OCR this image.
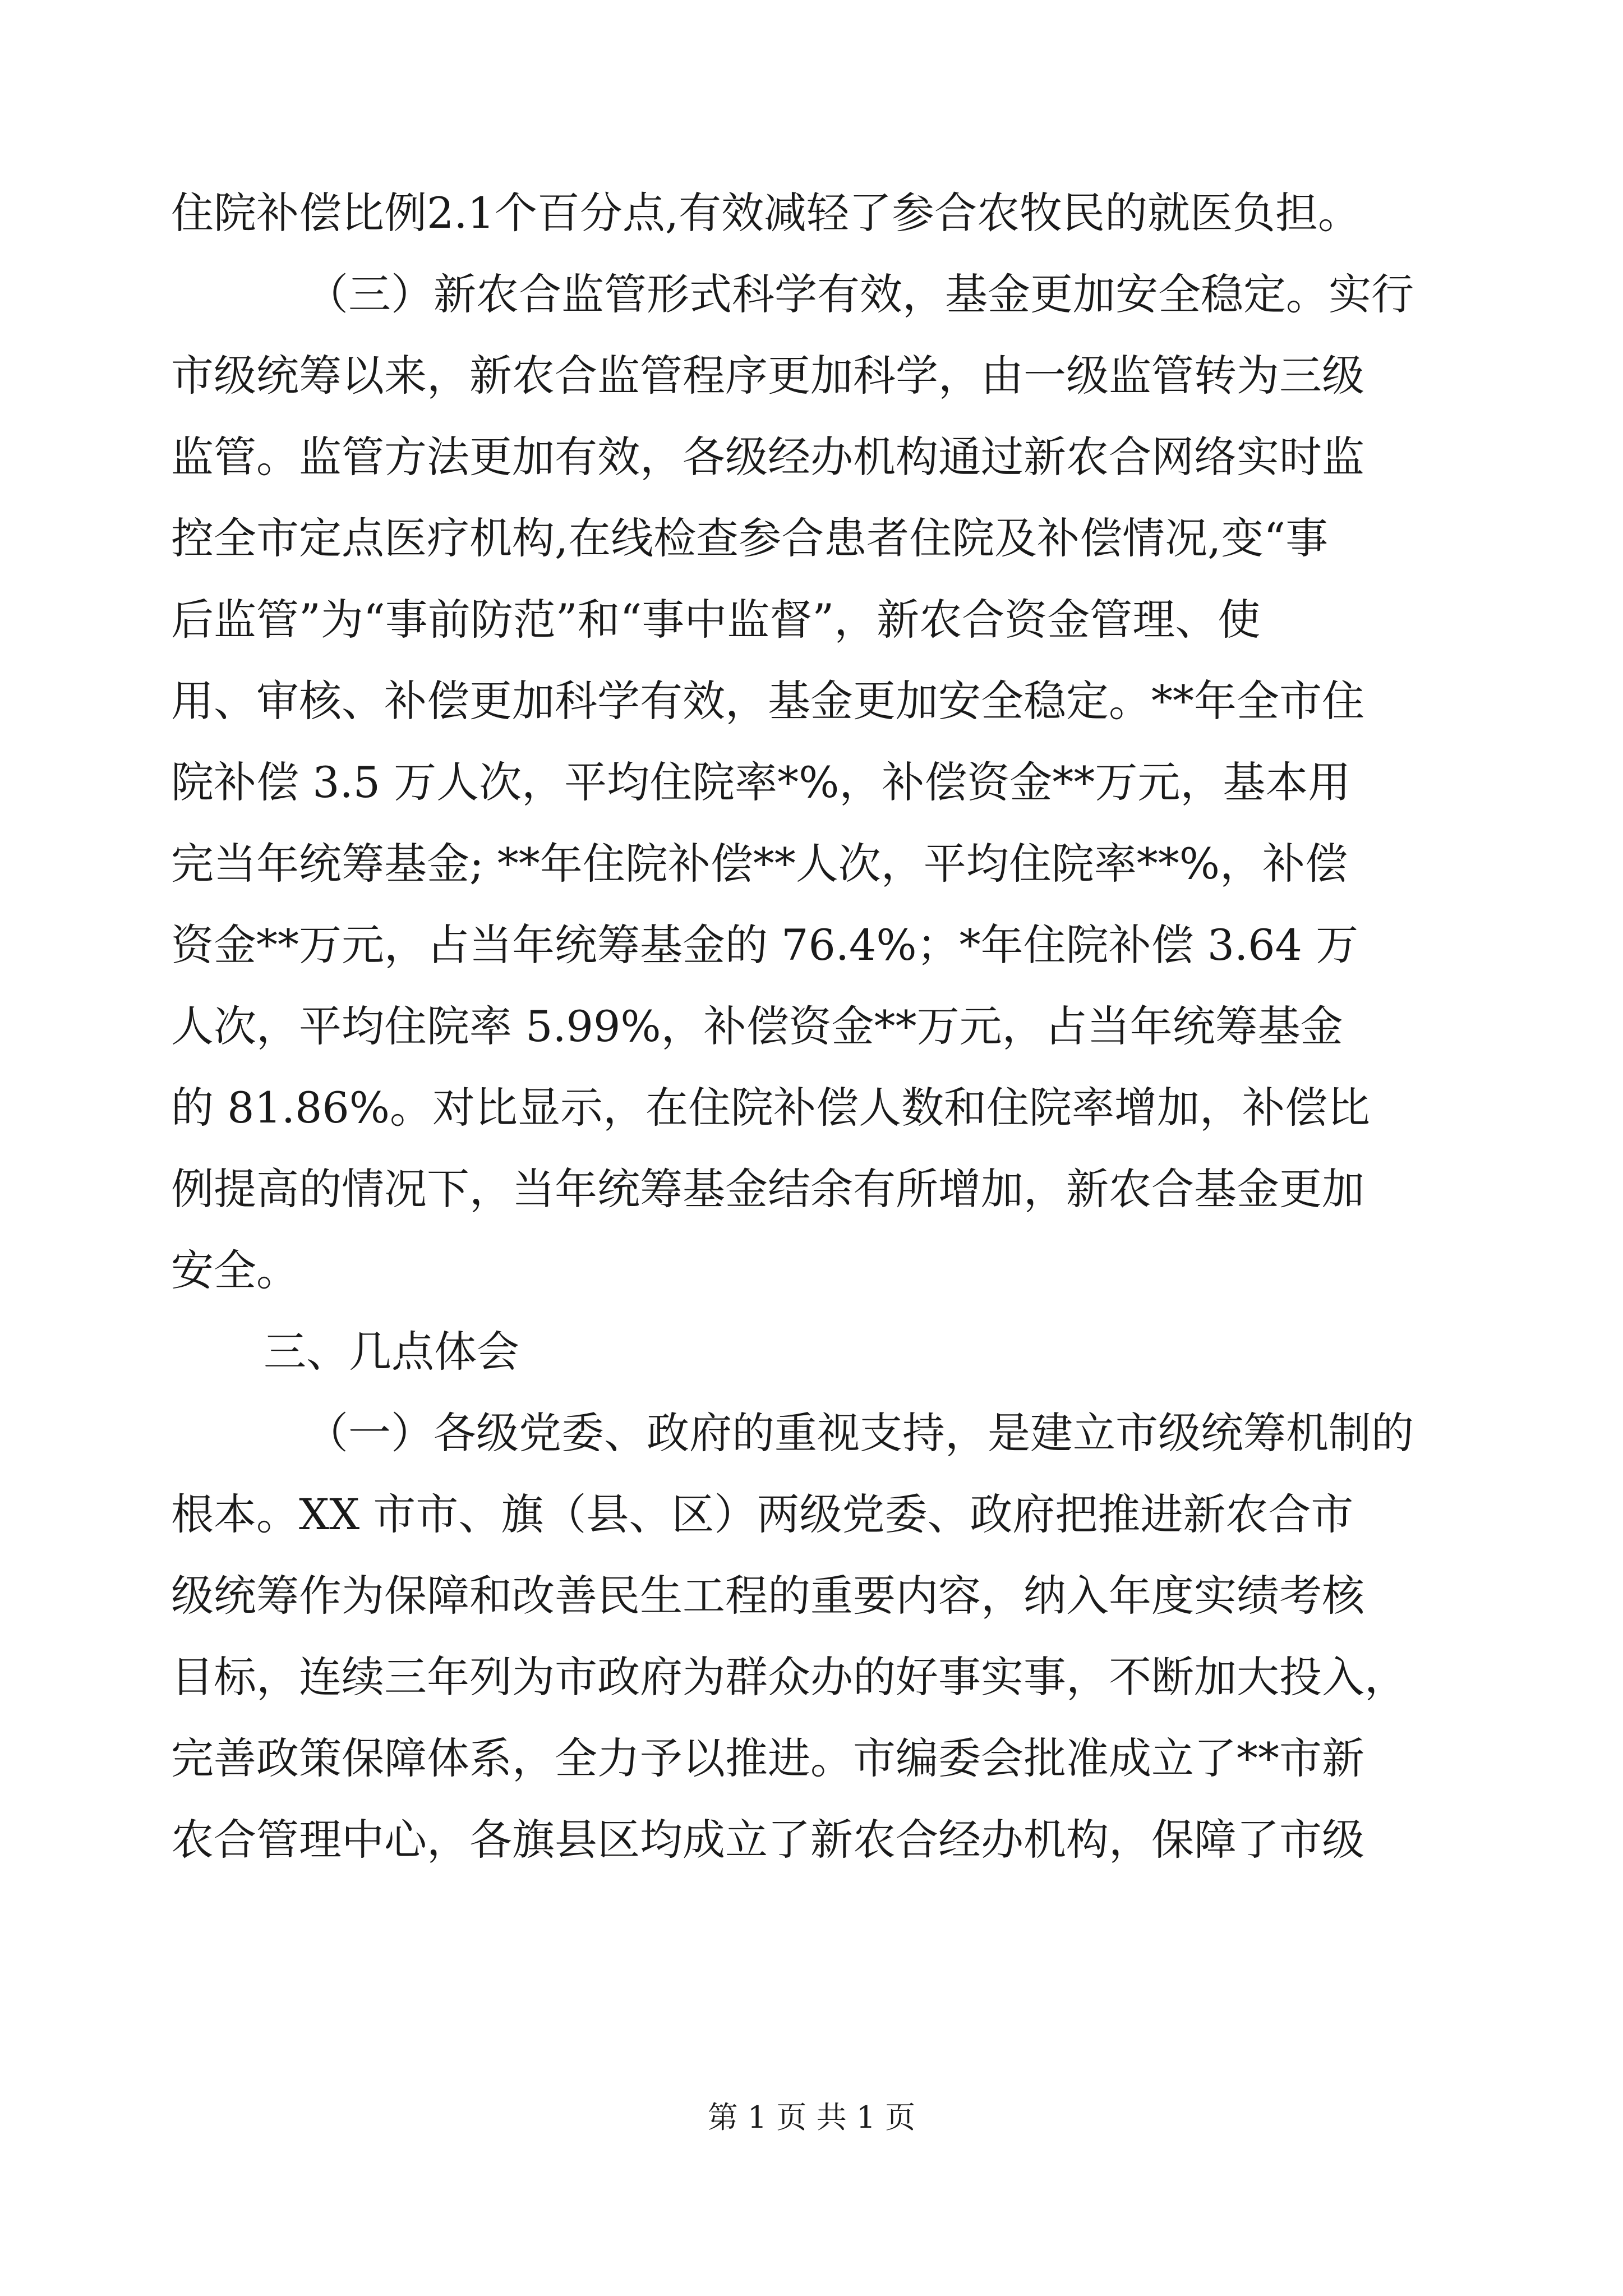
住院补偿比例2.1个百分点,有效减轻了参合农牧民的就医负担。

（三）新农合监管形式科学有效，基金更加安全稳定。实行

市级统筹以来，新农合监管程序更加科学，由一级监管转为三级

监管。监管方法更加有效，各级经办机构通过新农合网络实时监

控全市定点医疗机构,在线检查参合患者住院及补偿情况,变“事

后监管”为“事前防范”和“事中监督”，新农合资金管理、使

用、审核、补偿更加科学有效，基金更加安全稳定。**年全市住

院补偿 3.5 万人次，平均住院率*%，补偿资金**万元，基本用

完当年统筹基金; **年住院补偿**人次，平均住院率**%，补偿

资金**万元，占当年统筹基金的 76.4%；*年住院补偿 3.64 万

人次，平均住院率 5.99%，补偿资金**万元，占当年统筹基金

的 81.86%。对比显示，在住院补偿人数和住院率增加，补偿比

例提高的情况下，当年统筹基金结余有所增加，新农合基金更加

安全。

三、几点体会

（一）各级党委、政府的重视支持，是建立市级统筹机制的

根本。XX 市市、旗（县、区）两级党委、政府把推进新农合市

级统筹作为保障和改善民生工程的重要内容，纳入年度实绩考核

目标，连续三年列为市政府为群众办的好事实事，不断加大投入，

完善政策保障体系，全力予以推进。市编委会批准成立了**市新

农合管理中心，各旗县区均成立了新农合经办机构，保障了市级

第 1 页 共 1 页
